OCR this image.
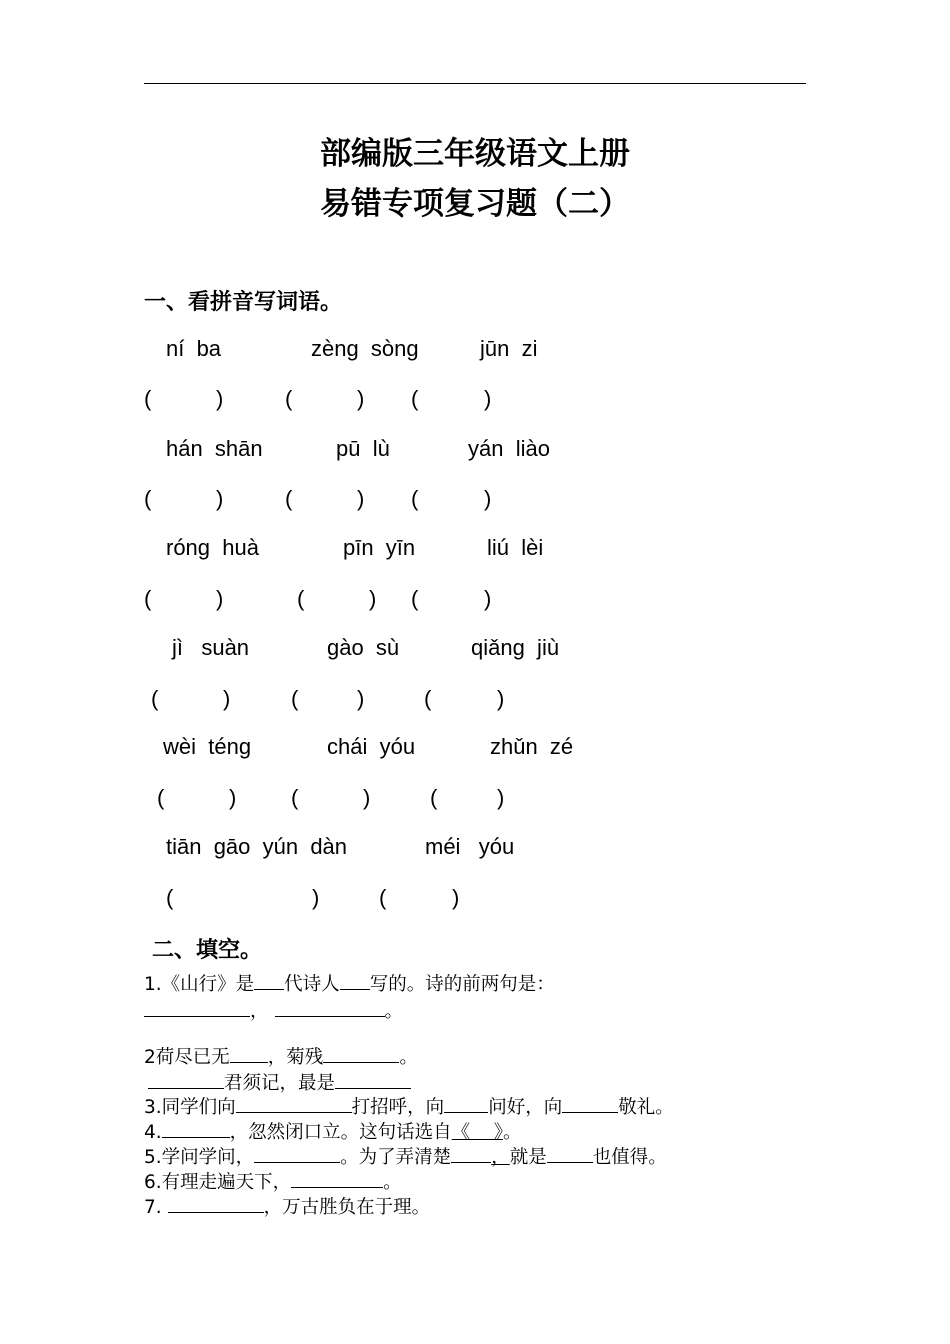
部编版三年级语文上册
易错专项复习题（二）
一、看拼音写词语。
ní  ba	zèng  sòng	jūn  zi
(	)	(	) (	)
hán  shān	pū  lù	yán  liào
(	)	(	) (	)
róng  huà	pīn  yīn	liú  lèi
(	)	(	) (	)
jì   suàn	gào  sù	qiǎng  jiù
(	)	(	)	(	)
wèi  téng	chái  yóu	zhǔn  zé
(	) (	)	(	)
tiān  gāo  yún  dàn	méi   yóu
(	)	(	)
二、填空。
1.《山行》是 代诗人 写的。诗的前两句是：
，	。
2荷尽已无 ，菊残	。
君须记，最是
3.同学们向	打招呼，向 问好，向	敬礼。
4.	，忽然闭口立。这句话选自《    》。
5.学问学问，	。为了弄清楚 ，就是 也值得。
6.有理走遍天下，	。
7.	，万古胜负在于理。
